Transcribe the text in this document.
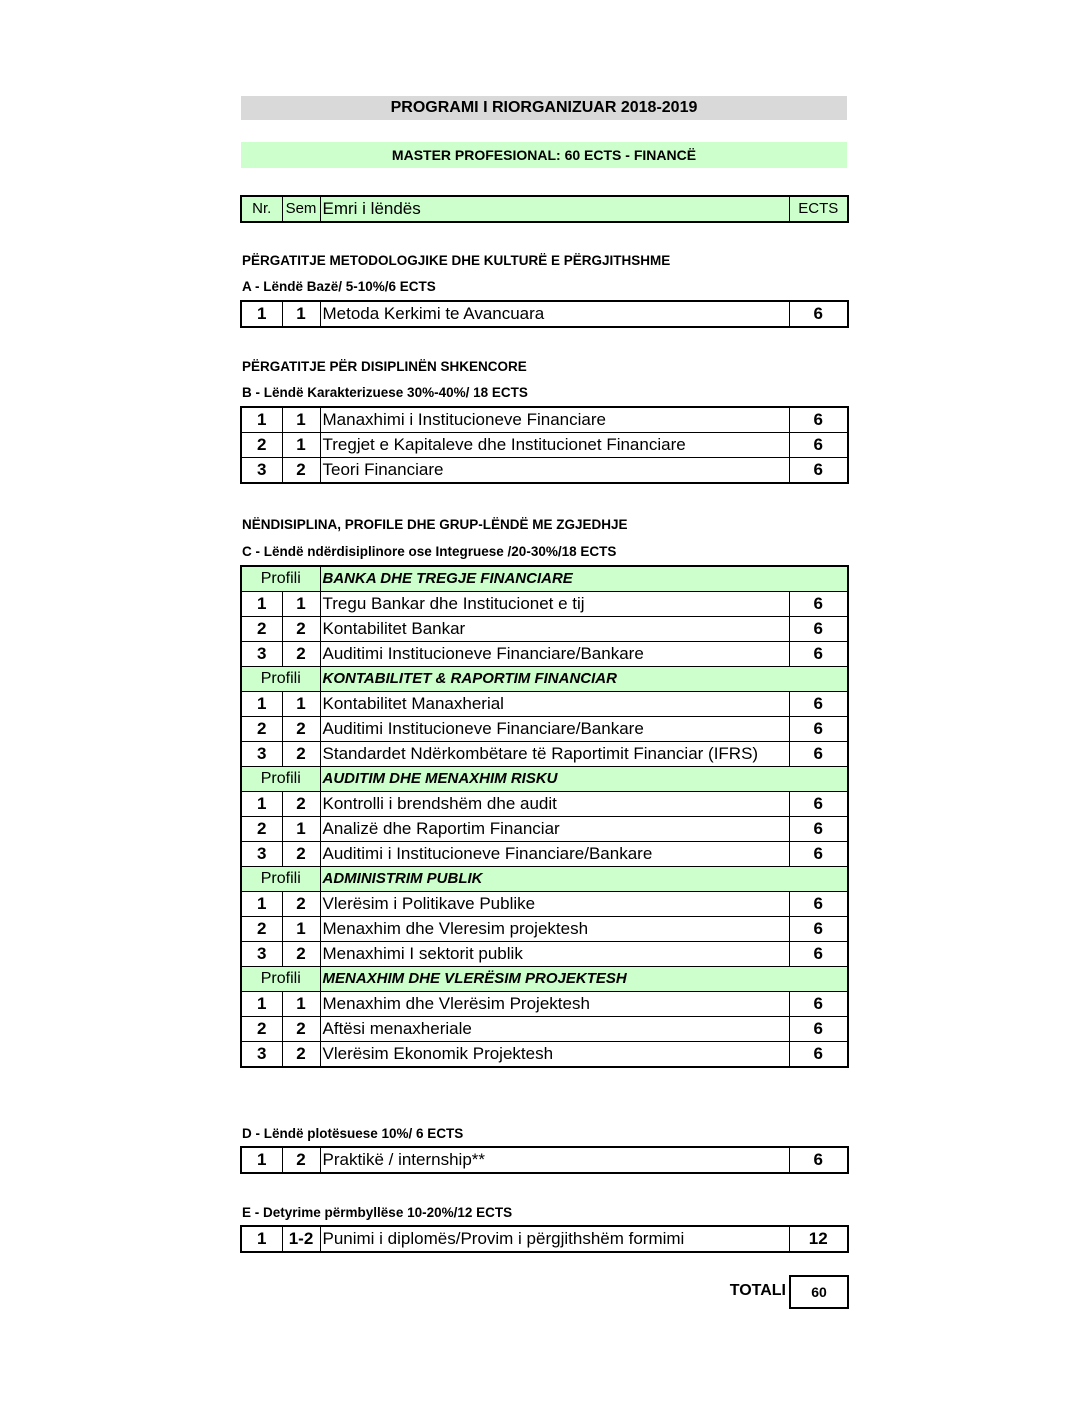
PROGRAMI I RIORGANIZUAR 2018-2019
MASTER PROFESIONAL: 60 ECTS - FINANCË
Nr.	Sem	Emri i lëndës	ECTS
PËRGATITJE METODOLOGJIKE DHE KULTURË E PËRGJITHSHME
A - Lëndë Bazë/ 5-10%/6 ECTS
1	1	Metoda Kerkimi te Avancuara	6
PËRGATITJE PËR DISIPLINËN SHKENCORE
B - Lëndë Karakterizuese 30%-40%/ 18 ECTS
1	1	Manaxhimi i Institucioneve Financiare	6
2	1	Tregjet e Kapitaleve dhe Institucionet Financiare	6
3	2	Teori Financiare	6
NËNDISIPLINA, PROFILE DHE GRUP-LËNDË ME ZGJEDHJE
C - Lëndë ndërdisiplinore ose Integruese /20-30%/18 ECTS
Profili		BANKA DHE TREGJE FINANCIARE	
1	1	Tregu Bankar dhe Institucionet e tij	6
2	2	Kontabilitet Bankar	6
3	2	Auditimi Institucioneve Financiare/Bankare	6
Profili		KONTABILITET & RAPORTIM FINANCIAR	
1	1	Kontabilitet Manaxherial	6
2	2	Auditimi Institucioneve Financiare/Bankare	6
3	2	Standardet Ndërkombëtare të Raportimit Financiar (IFRS)	6
Profili		AUDITIM DHE MENAXHIM RISKU	
1	2	Kontrolli i brendshëm dhe audit	6
2	1	Analizë dhe Raportim Financiar	6
3	2	Auditimi i Institucioneve Financiare/Bankare	6
Profili		ADMINISTRIM PUBLIK	
1	2	Vlerësim i Politikave Publike	6
2	1	Menaxhim dhe Vleresim projektesh	6
3	2	Menaxhimi I sektorit publik	6
Profili		MENAXHIM DHE VLERËSIM PROJEKTESH	
1	1	Menaxhim dhe Vlerësim Projektesh	6
2	2	Aftësi menaxheriale	6
3	2	Vlerësim Ekonomik Projektesh	6
D - Lëndë plotësuese 10%/ 6 ECTS
1	2	Praktikë / internship**	6
E - Detyrime përmbyllëse 10-20%/12 ECTS
1	1-2	Punimi i diplomës/Provim i përgjithshëm formimi	12
TOTALI	60
